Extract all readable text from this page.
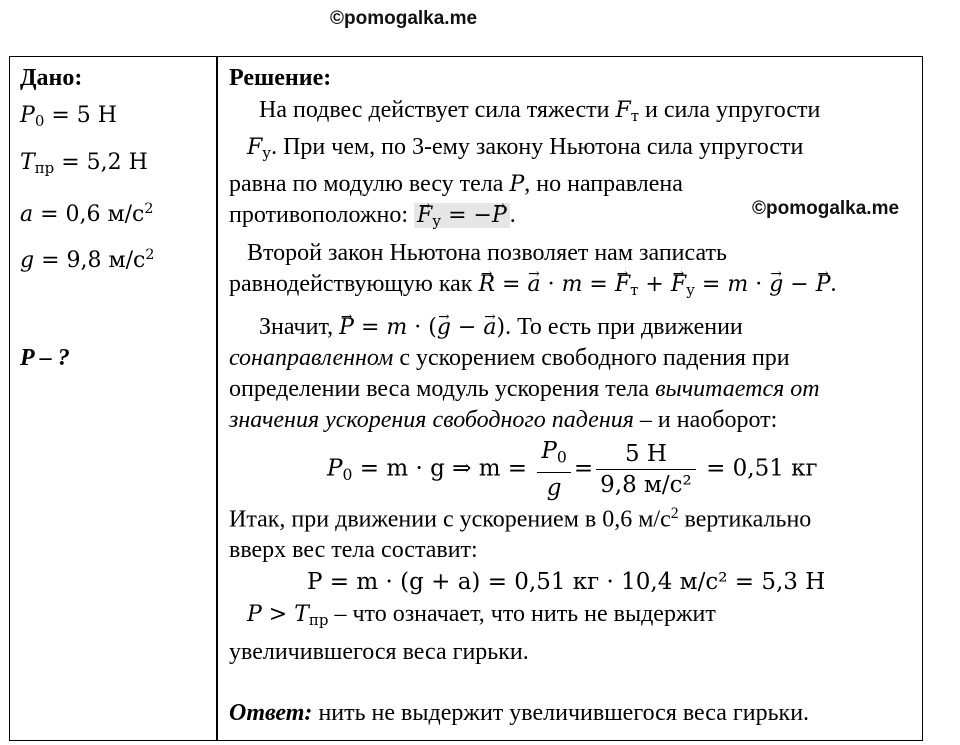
©pomogalka.me
©pomogalka.me
Дано:
$P_0 = 5$ Н
$T_{пр} = 5,2$ Н
a = 0,6 $м/с^2$
g = 9,8 $м/с^2$
P – ?
Решение:
На подвес действует сила тяжести $F_т$ и сила упругости
$F_у$. При чем, по 3-ему закону Ньютона сила упругости
равна по модулю весу тела P, но направлена
противоположно: → $F_у$ = −→ P .
Второй закон Ньютона позволяет нам записать
равнодействующую как → R = → a · m = → $F_т$ + → $F_у = m$ · → g − → P.
Значит, → P = m · (→ g − → a). То есть при движении
сонаправленном с ускорением свободного падения при
определении веса модуль ускорения тела вычитается от
значения ускорения свободного падения – и наоборот:
$P_0 = m \cdot g$ ⇒ $m = \frac{P_0}{g} = \frac{5 Н}{\text{9,8 м/с²}} = 0,51$ кг
Итак, при движении с ускорением в 0,6 $м/с^2$ вертикально
вверх вес тела составит:
P = m · (g + a) = 0,51 кг · 10,4 м/с² = 5,3 Н
$P > T_{пр}$ – что означает, что нить не выдержит
увеличившегося веса гирьки.
Ответ: нить не выдержит увеличившегося веса гирьки.
